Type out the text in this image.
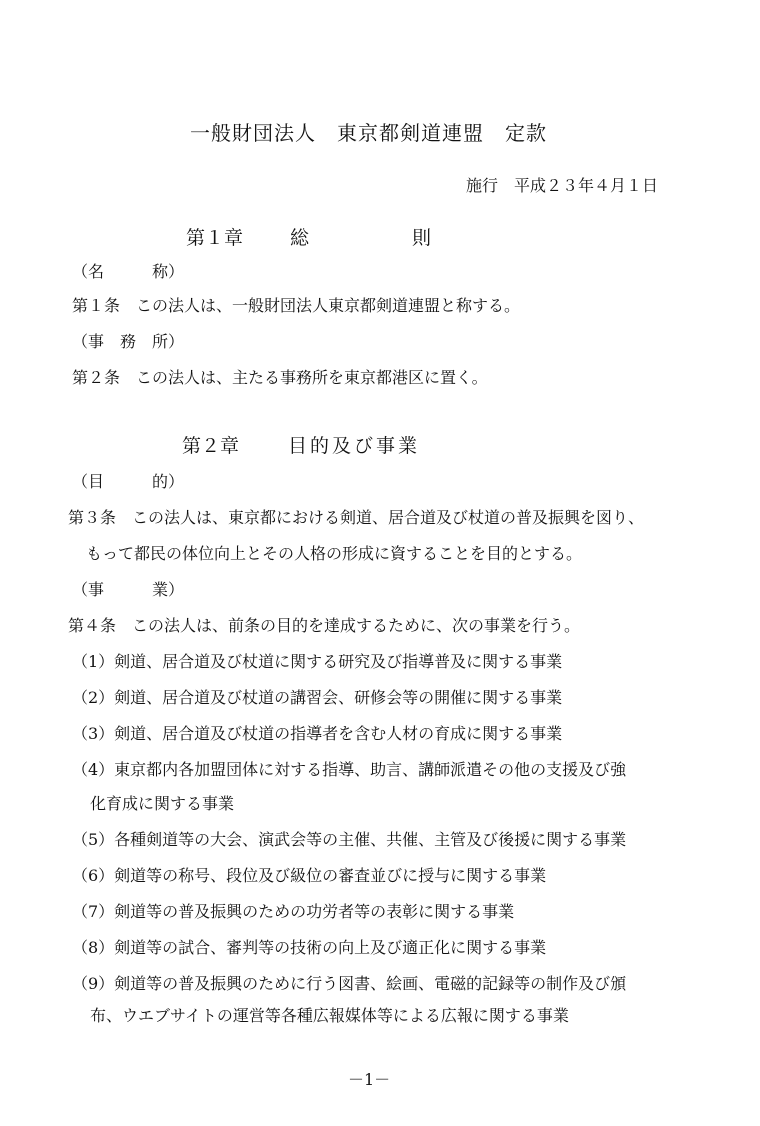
一般財団法人　東京都剣道連盟　定款
施行　平成２３年４月１日
第１章 総	則
（名　　　称）
第１条　この法人は、一般財団法人東京都剣道連盟と称する。
（事　務　所）
第２条　この法人は、主たる事務所を東京都港区に置く。
第２章	目的及び事業
（目　　　的）
第３条　この法人は、東京都における剣道、居合道及び杖道の普及振興を図り、
もって都民の体位向上とその人格の形成に資することを目的とする。
（事　　　業）
第４条　この法人は、前条の目的を達成するために、次の事業を行う。
（1）剣道、居合道及び杖道に関する研究及び指導普及に関する事業
（2）剣道、居合道及び杖道の講習会、研修会等の開催に関する事業
（3）剣道、居合道及び杖道の指導者を含む人材の育成に関する事業
（4）東京都内各加盟団体に対する指導、助言、講師派遣その他の支援及び強
化育成に関する事業
（5）各種剣道等の大会、演武会等の主催、共催、主管及び後援に関する事業
（6）剣道等の称号、段位及び級位の審査並びに授与に関する事業
（7）剣道等の普及振興のための功労者等の表彰に関する事業
（8）剣道等の試合、審判等の技術の向上及び適正化に関する事業
（9）剣道等の普及振興のために行う図書、絵画、電磁的記録等の制作及び頒
布、ウエブサイトの運営等各種広報媒体等による広報に関する事業
－1－
